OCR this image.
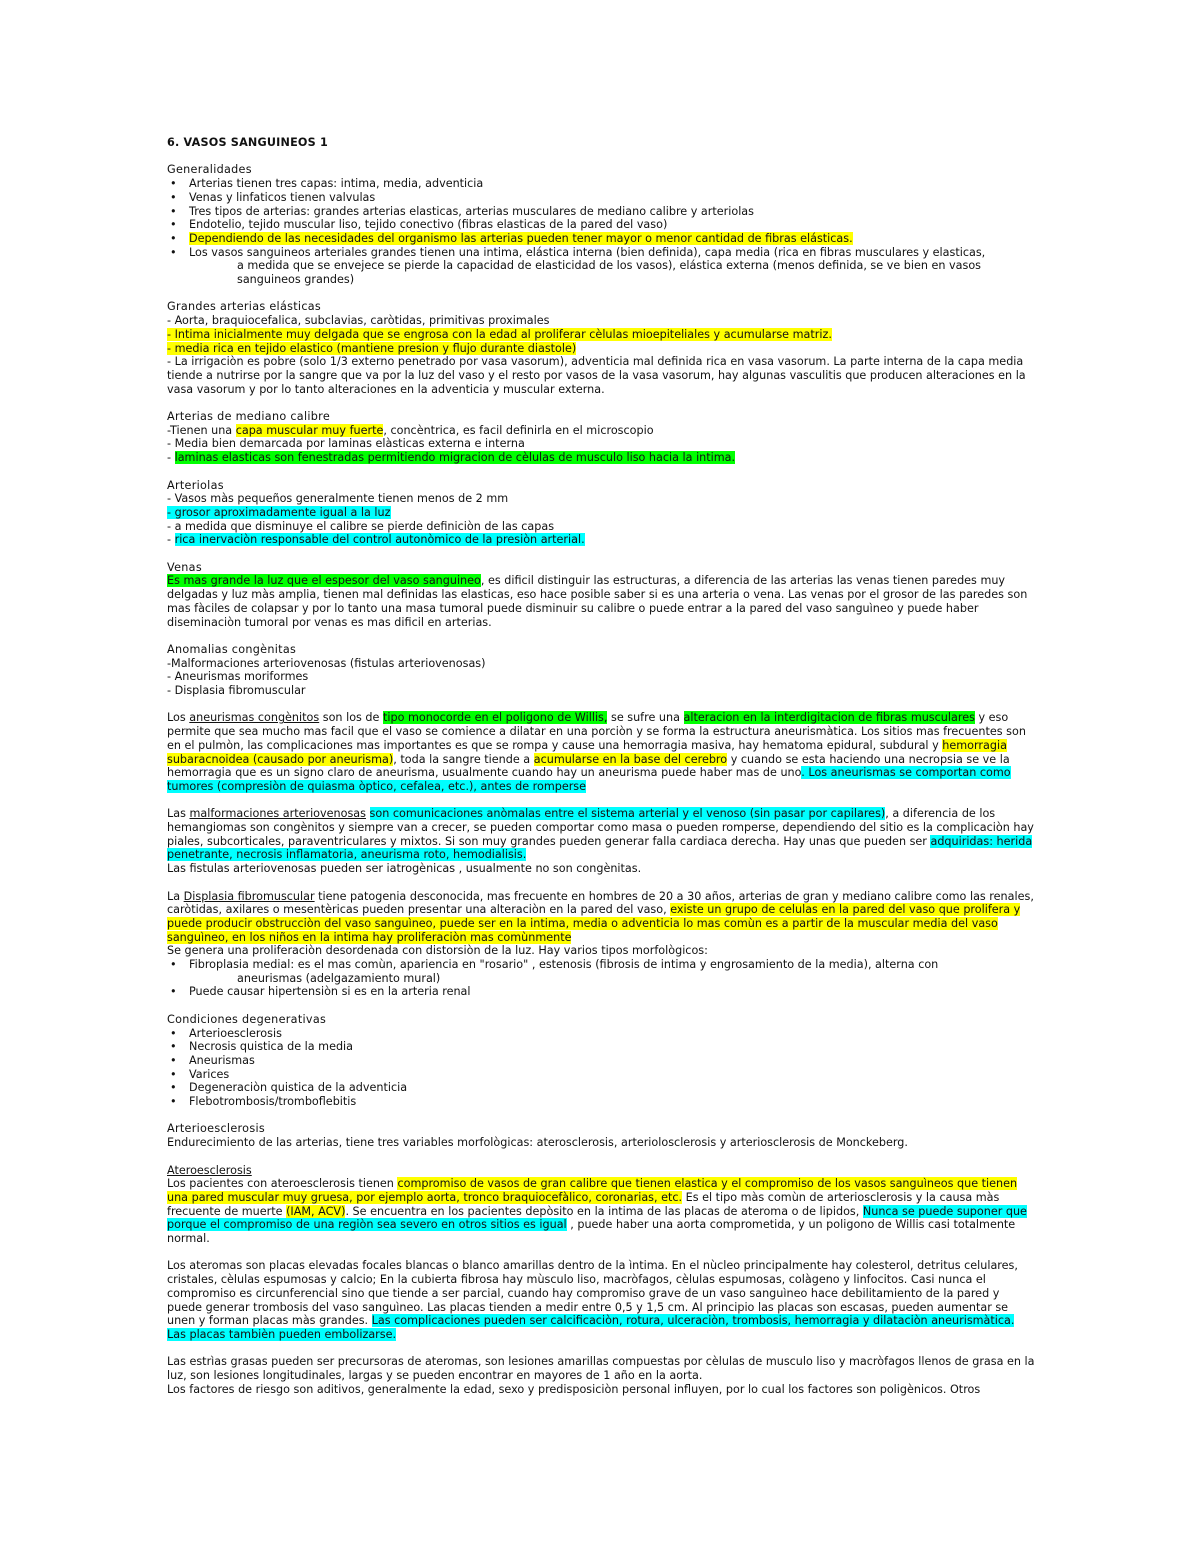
6. VASOS SANGUINEOS 1
Generalidades
• Arterias tienen tres capas: intima, media, adventicia
• Venas y linfaticos tienen valvulas
• Tres tipos de arterias: grandes arterias elasticas, arterias musculares de mediano calibre y arteriolas
• Endotelio, tejido muscular liso, tejido conectivo (fibras elasticas de la pared del vaso)
• Dependiendo de las necesidades del organismo las arterias pueden tener mayor o menor cantidad de fibras elásticas.
• Los vasos sanguineos arteriales grandes tienen una intima, elástica interna (bien definida), capa media (rica en fibras musculares y elasticas,
a medida que se envejece se pierde la capacidad de elasticidad de los vasos), elástica externa (menos definida, se ve bien en vasos sanguineos grandes)
Grandes arterias elásticas
- Aorta, braquiocefalica, subclavias, caròtidas, primitivas proximales
- Intima inicialmente muy delgada que se engrosa con la edad al proliferar cèlulas mioepiteliales y acumularse matriz.
- media rica en tejido elastico (mantiene presion y flujo durante diastole)
- La irrigaciòn es pobre (solo 1/3 externo penetrado por vasa vasorum), adventicia mal definida rica en vasa vasorum. La parte interna de la capa media tiende a nutrirse por la sangre que va por la luz del vaso y el resto por vasos de la vasa vasorum, hay algunas vasculitis que producen alteraciones en la vasa vasorum y por lo tanto alteraciones en la adventicia y muscular externa.
Arterias de mediano calibre
-Tienen una capa muscular muy fuerte, concèntrica, es facil definirla en el microscopio
- Media bien demarcada por laminas elàsticas externa e interna
- laminas elasticas son fenestradas permitiendo migracion de cèlulas de musculo liso hacia la intima.
Arteriolas
- Vasos màs pequeños generalmente tienen menos de 2 mm
- grosor aproximadamente igual a la luz
- a medida que disminuye el calibre se pierde definiciòn de las capas
- rica inervaciòn responsable del control autonòmico de la presiòn arterial.
Venas
Es mas grande la luz que el espesor del vaso sanguineo, es dificil distinguir las estructuras, a diferencia de las arterias las venas tienen paredes muy delgadas y luz màs amplia, tienen mal definidas las elasticas, eso hace posible saber si es una arteria o vena. Las venas por el grosor de las paredes son mas fàciles de colapsar y por lo tanto una masa tumoral puede disminuir su calibre o puede entrar a la pared del vaso sanguìneo y puede haber diseminaciòn tumoral por venas es mas dificil en arterias.
Anomalias congènitas
-Malformaciones arteriovenosas (fistulas arteriovenosas)
- Aneurismas moriformes
- Displasia fibromuscular
Los aneurismas congènitos son los de tipo monocorde en el poligono de Willis, se sufre una alteracion en la interdigitacion de fibras musculares y eso permite que sea mucho mas facil que el vaso se comience a dilatar en una porciòn y se forma la estructura aneurismàtica. Los sitios mas frecuentes son en el pulmòn, las complicaciones mas importantes es que se rompa y cause una hemorragia masiva, hay hematoma epidural, subdural y hemorragia subaracnoidea (causado por aneurisma), toda la sangre tiende a acumularse en la base del cerebro y cuando se esta haciendo una necropsia se ve la hemorragia que es un signo claro de aneurisma, usualmente cuando hay un aneurisma puede haber mas de uno. Los aneurismas se comportan como tumores (compresiòn de quiasma òptico, cefalea, etc.), antes de romperse
Las malformaciones arteriovenosas son comunicaciones anòmalas entre el sistema arterial y el venoso (sin pasar por capilares), a diferencia de los hemangiomas son congènitos y siempre van a crecer, se pueden comportar como masa o pueden romperse, dependiendo del sitio es la complicaciòn hay piales, subcorticales, paraventriculares y mixtos. Si son muy grandes pueden generar falla cardiaca derecha. Hay unas que pueden ser adquiridas: herida penetrante, necrosis inflamatoria, aneurisma roto, hemodialisis.
Las fistulas arteriovenosas pueden ser iatrogènicas , usualmente no son congènitas.
La Displasia fibromuscular tiene patogenia desconocida, mas frecuente en hombres de 20 a 30 años, arterias de gran y mediano calibre como las renales, caròtidas, axilares o mesentèricas pueden presentar una alteraciòn en la pared del vaso, existe un grupo de celulas en la pared del vaso que prolifera y puede producir obstrucciòn del vaso sanguìneo, puede ser en la intima, media o adventicia lo mas comùn es a partir de la muscular media del vaso sanguìneo, en los niños en la intima hay proliferaciòn mas comùnmente
Se genera una proliferaciòn desordenada con distorsiòn de la luz. Hay varios tipos morfològicos:
• Fibroplasia medial: es el mas comùn, apariencia en "rosario" , estenosis (fibrosis de intima y engrosamiento de la media), alterna con
aneurismas (adelgazamiento mural)
• Puede causar hipertensiòn si es en la arteria renal
Condiciones degenerativas
• Arterioesclerosis
• Necrosis quistica de la media
• Aneurismas
• Varices
• Degeneraciòn quistica de la adventicia
• Flebotrombosis/tromboflebitis
Arterioesclerosis
Endurecimiento de las arterias, tiene tres variables morfològicas: aterosclerosis, arteriolosclerosis y arteriosclerosis de Monckeberg.
Ateroesclerosis
Los pacientes con ateroesclerosis tienen compromiso de vasos de gran calibre que tienen elastica y el compromiso de los vasos sanguìneos que tienen una pared muscular muy gruesa, por ejemplo aorta, tronco braquiocefàlico, coronarias, etc. Es el tipo màs comùn de arteriosclerosis y la causa màs frecuente de muerte (IAM, ACV). Se encuentra en los pacientes depòsito en la intima de las placas de ateroma o de lipidos, Nunca se puede suponer que porque el compromiso de una regiòn sea severo en otros sitios es igual , puede haber una aorta comprometida, y un poligono de Willis casi totalmente normal.
Los ateromas son placas elevadas focales blancas o blanco amarillas dentro de la ìntima. En el nùcleo principalmente hay colesterol, detritus celulares, cristales, cèlulas espumosas y calcio; En la cubierta fibrosa hay mùsculo liso, macròfagos, cèlulas espumosas, colàgeno y linfocitos. Casi nunca el compromiso es circunferencial sino que tiende a ser parcial, cuando hay compromiso grave de un vaso sanguìneo hace debilitamiento de la pared y puede generar trombosis del vaso sanguìneo. Las placas tienden a medir entre 0,5 y 1,5 cm. Al principio las placas son escasas, pueden aumentar se unen y forman placas màs grandes. Las complicaciones pueden ser calcificaciòn, rotura, ulceraciòn, trombosis, hemorragia y dilataciòn aneurismàtica. Las placas tambièn pueden embolizarse.
Las estrìas grasas pueden ser precursoras de ateromas, son lesiones amarillas compuestas por cèlulas de musculo liso y macròfagos llenos de grasa en la luz, son lesiones longitudinales, largas y se pueden encontrar en mayores de 1 año en la aorta.
Los factores de riesgo son aditivos, generalmente la edad, sexo y predisposiciòn personal influyen, por lo cual los factores son poligènicos. Otros
